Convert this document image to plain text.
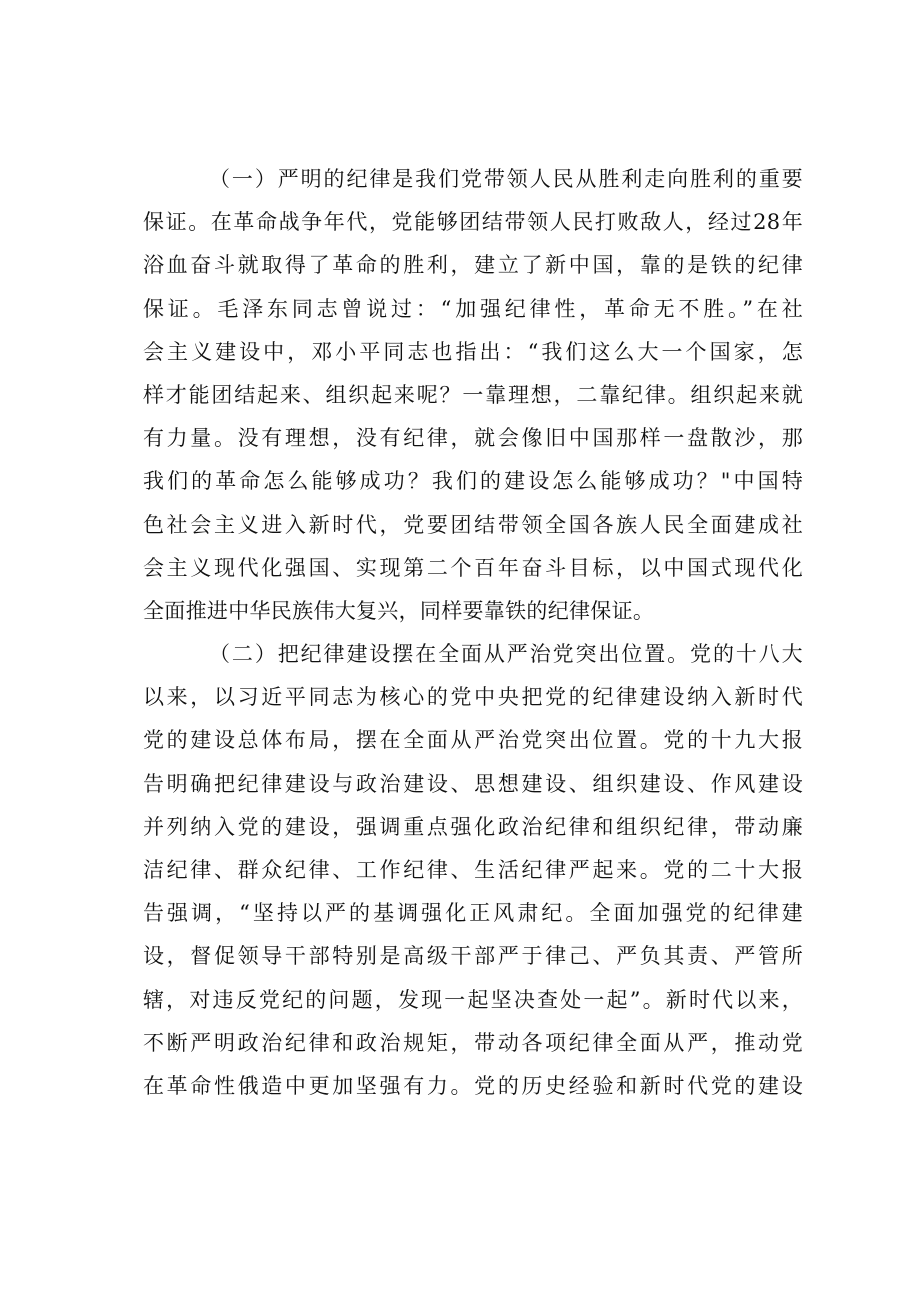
（一）严明的纪律是我们党带领人民从胜利走向胜利的重要
保证。在革命战争年代，党能够团结带领人民打败敌人，经过28年
浴血奋斗就取得了革命的胜利，建立了新中国，靠的是铁的纪律
保证。毛泽东同志曾说过：“加强纪律性，革命无不胜。”在社
会主义建设中，邓小平同志也指出：“我们这么大一个国家，怎
样才能团结起来、组织起来呢？一靠理想，二靠纪律。组织起来就
有力量。没有理想，没有纪律，就会像旧中国那样一盘散沙，那
我们的革命怎么能够成功？我们的建设怎么能够成功？"中国特
色社会主义进入新时代，党要团结带领全国各族人民全面建成社
会主义现代化强国、实现第二个百年奋斗目标，以中国式现代化
全面推进中华民族伟大复兴，同样要靠铁的纪律保证。
（二）把纪律建设摆在全面从严治党突出位置。党的十八大
以来，以习近平同志为核心的党中央把党的纪律建设纳入新时代
党的建设总体布局，摆在全面从严治党突出位置。党的十九大报
告明确把纪律建设与政治建设、思想建设、组织建设、作风建设
并列纳入党的建设，强调重点强化政治纪律和组织纪律，带动廉
洁纪律、群众纪律、工作纪律、生活纪律严起来。党的二十大报
告强调，“坚持以严的基调强化正风肃纪。全面加强党的纪律建
设，督促领导干部特别是高级干部严于律己、严负其责、严管所
辖，对违反党纪的问题，发现一起坚决查处一起”。新时代以来，
不断严明政治纪律和政治规矩，带动各项纪律全面从严，推动党
在革命性俄造中更加坚强有力。党的历史经验和新时代党的建设
